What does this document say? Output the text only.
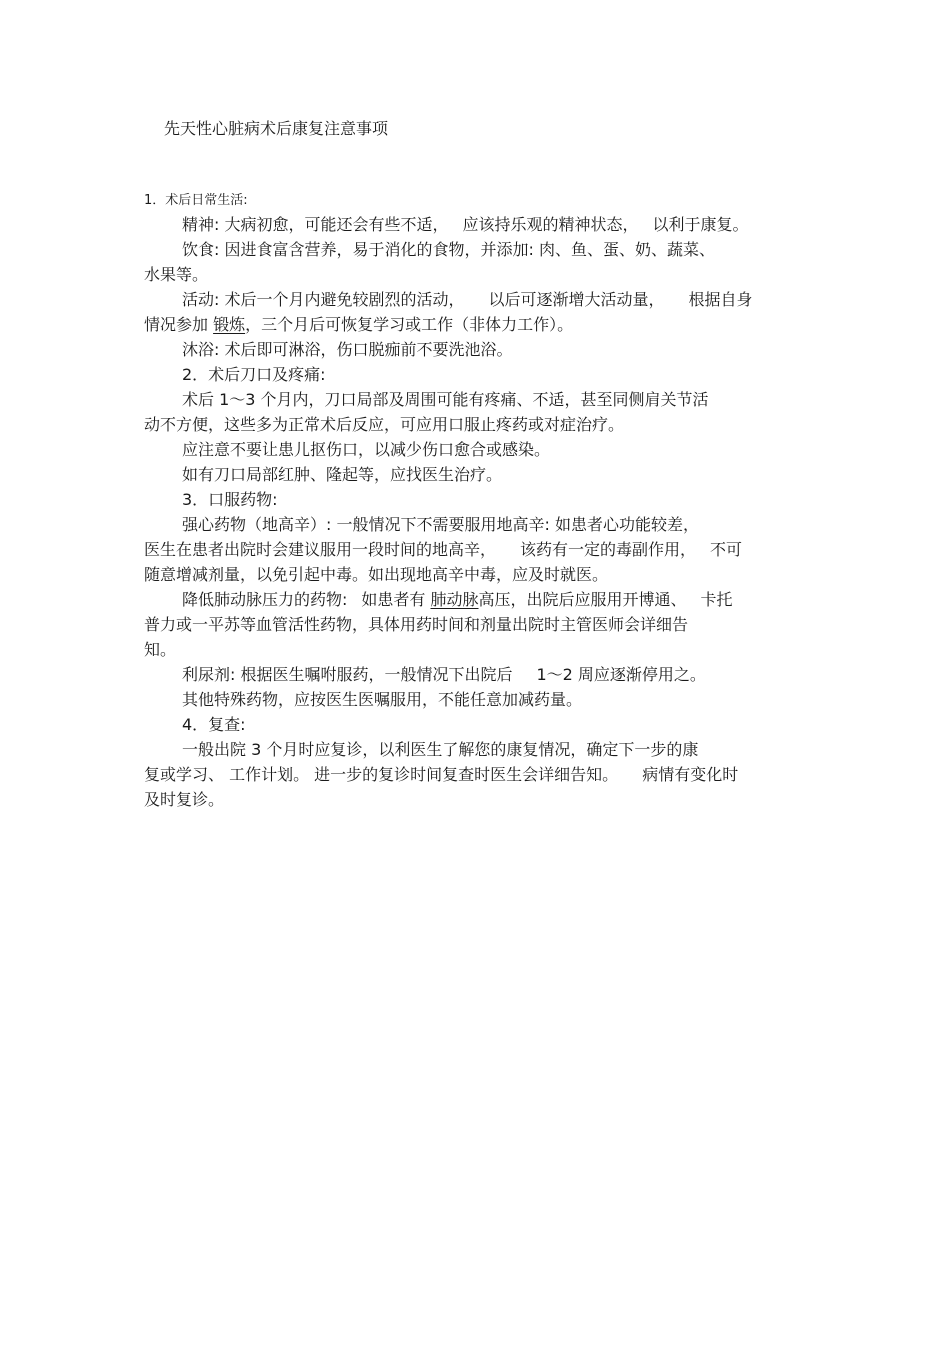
先天性心脏病术后康复注意事项
1．术后日常生活:
精神: 大病初愈，可能还会有些不适， 应该持乐观的精神状态， 以利于康复。
饮食: 因进食富含营养，易于消化的食物，并添加: 肉、鱼、蛋、奶、蔬菜、
水果等。
活动: 术后一个月内避免较剧烈的活动， 以后可逐渐增大活动量， 根据自身
情况参加 锻炼，三个月后可恢复学习或工作（非体力工作）。
沐浴: 术后即可淋浴，伤口脱痂前不要洗池浴。
2．术后刀口及疼痛:
术后 1～3 个月内，刀口局部及周围可能有疼痛、不适，甚至同侧肩关节活
动不方便，这些多为正常术后反应，可应用口服止疼药或对症治疗。
应注意不要让患儿抠伤口，以减少伤口愈合或感染。
如有刀口局部红肿、隆起等，应找医生治疗。
3．口服药物:
强心药物（地高辛）: 一般情况下不需要服用地高辛: 如患者心功能较差，
医生在患者出院时会建议服用一段时间的地高辛， 该药有一定的毒副作用， 不可
随意增减剂量，以免引起中毒。如出现地高辛中毒，应及时就医。
降低肺动脉压力的药物: 如患者有 肺动脉高压，出院后应服用开博通、 卡托
普力或一平苏等血管活性药物，具体用药时间和剂量出院时主管医师会详细告
知。
利尿剂: 根据医生嘱咐服药，一般情况下出院后 1～2 周应逐渐停用之。
其他特殊药物，应按医生医嘱服用，不能任意加减药量。
4．复查:
一般出院 3 个月时应复诊，以利医生了解您的康复情况，确定下一步的康
复或学习、 工作计划。 进一步的复诊时间复查时医生会详细告知。 病情有变化时
及时复诊。
